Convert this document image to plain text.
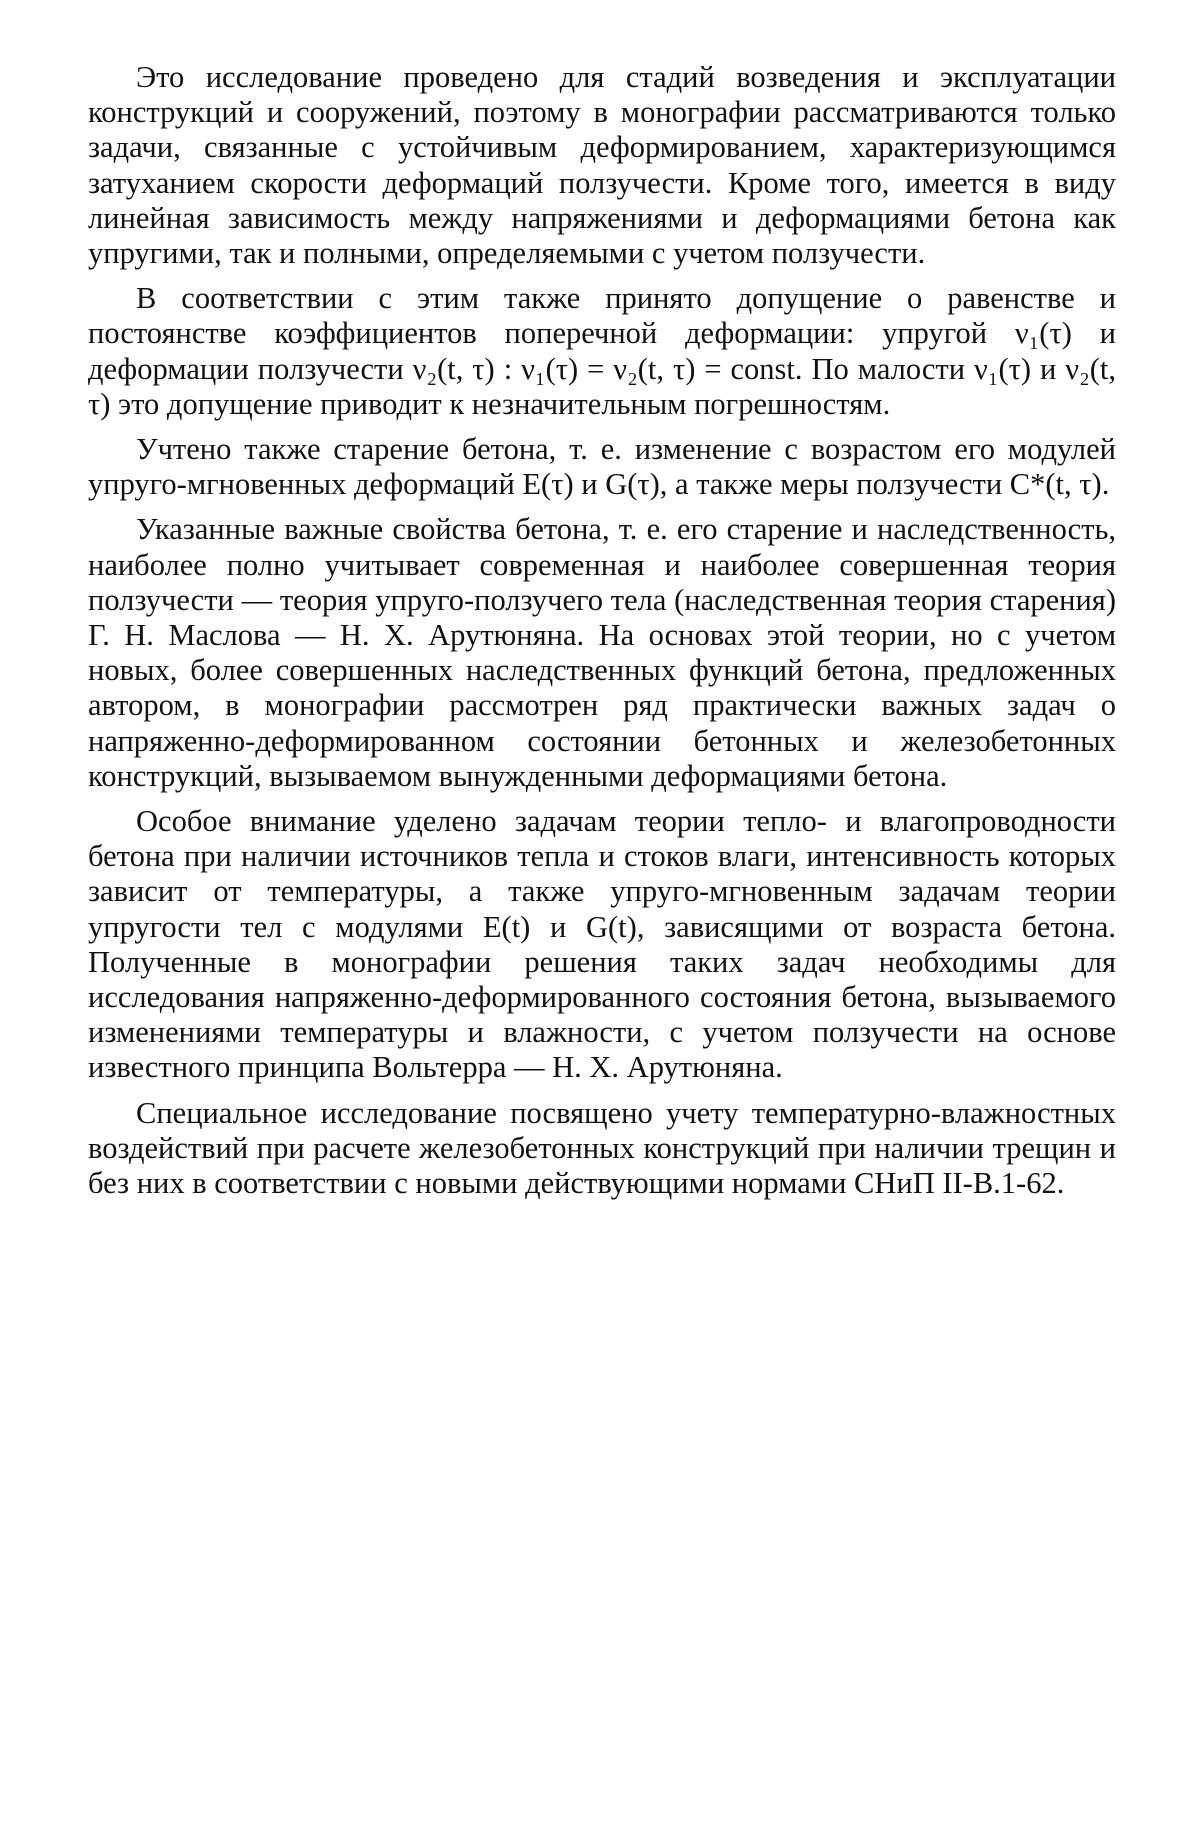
Это исследование проведено для стадий возведения и эксплуатации конструкций и сооружений, поэтому в монографии рассматриваются только задачи, связанные с устойчивым деформированием, характеризующимся затуханием скорости деформаций ползучести. Кроме того, имеется в виду линейная зависимость между напряжениями и деформациями бетона как упругими, так и полными, определяемыми с учетом ползучести.

В соответствии с этим также принято допущение о равенстве и постоянстве коэффициентов поперечной деформации: упругой ν₁(τ) и деформации ползучести ν₂(t, τ) : ν₁(τ) = ν₂(t, τ) = const. По малости ν₁(τ) и ν₂(t, τ) это допущение приводит к незначительным погрешностям.

Учтено также старение бетона, т. е. изменение с возрастом его модулей упруго-мгновенных деформаций E(τ) и G(τ), а также меры ползучести C*(t, τ).

Указанные важные свойства бетона, т. е. его старение и наследственность, наиболее полно учитывает современная и наиболее совершенная теория ползучести — теория упруго-ползучего тела (наследственная теория старения) Г. Н. Маслова — Н. Х. Арутюняна. На основах этой теории, но с учетом новых, более совершенных наследственных функций бетона, предложенных автором, в монографии рассмотрен ряд практически важных задач о напряженно-деформированном состоянии бетонных и железобетонных конструкций, вызываемом вынужденными деформациями бетона.

Особое внимание уделено задачам теории тепло- и влагопроводности бетона при наличии источников тепла и стоков влаги, интенсивность которых зависит от температуры, а также упруго-мгновенным задачам теории упругости тел с модулями E(t) и G(t), зависящими от возраста бетона. Полученные в монографии решения таких задач необходимы для исследования напряженно-деформированного состояния бетона, вызываемого изменениями температуры и влажности, с учетом ползучести на основе известного принципа Вольтерра — Н. Х. Арутюняна.

Специальное исследование посвящено учету температурно-влажностных воздействий при расчете железобетонных конструкций при наличии трещин и без них в соответствии с новыми действующими нормами СНиП II-В.1-62.
